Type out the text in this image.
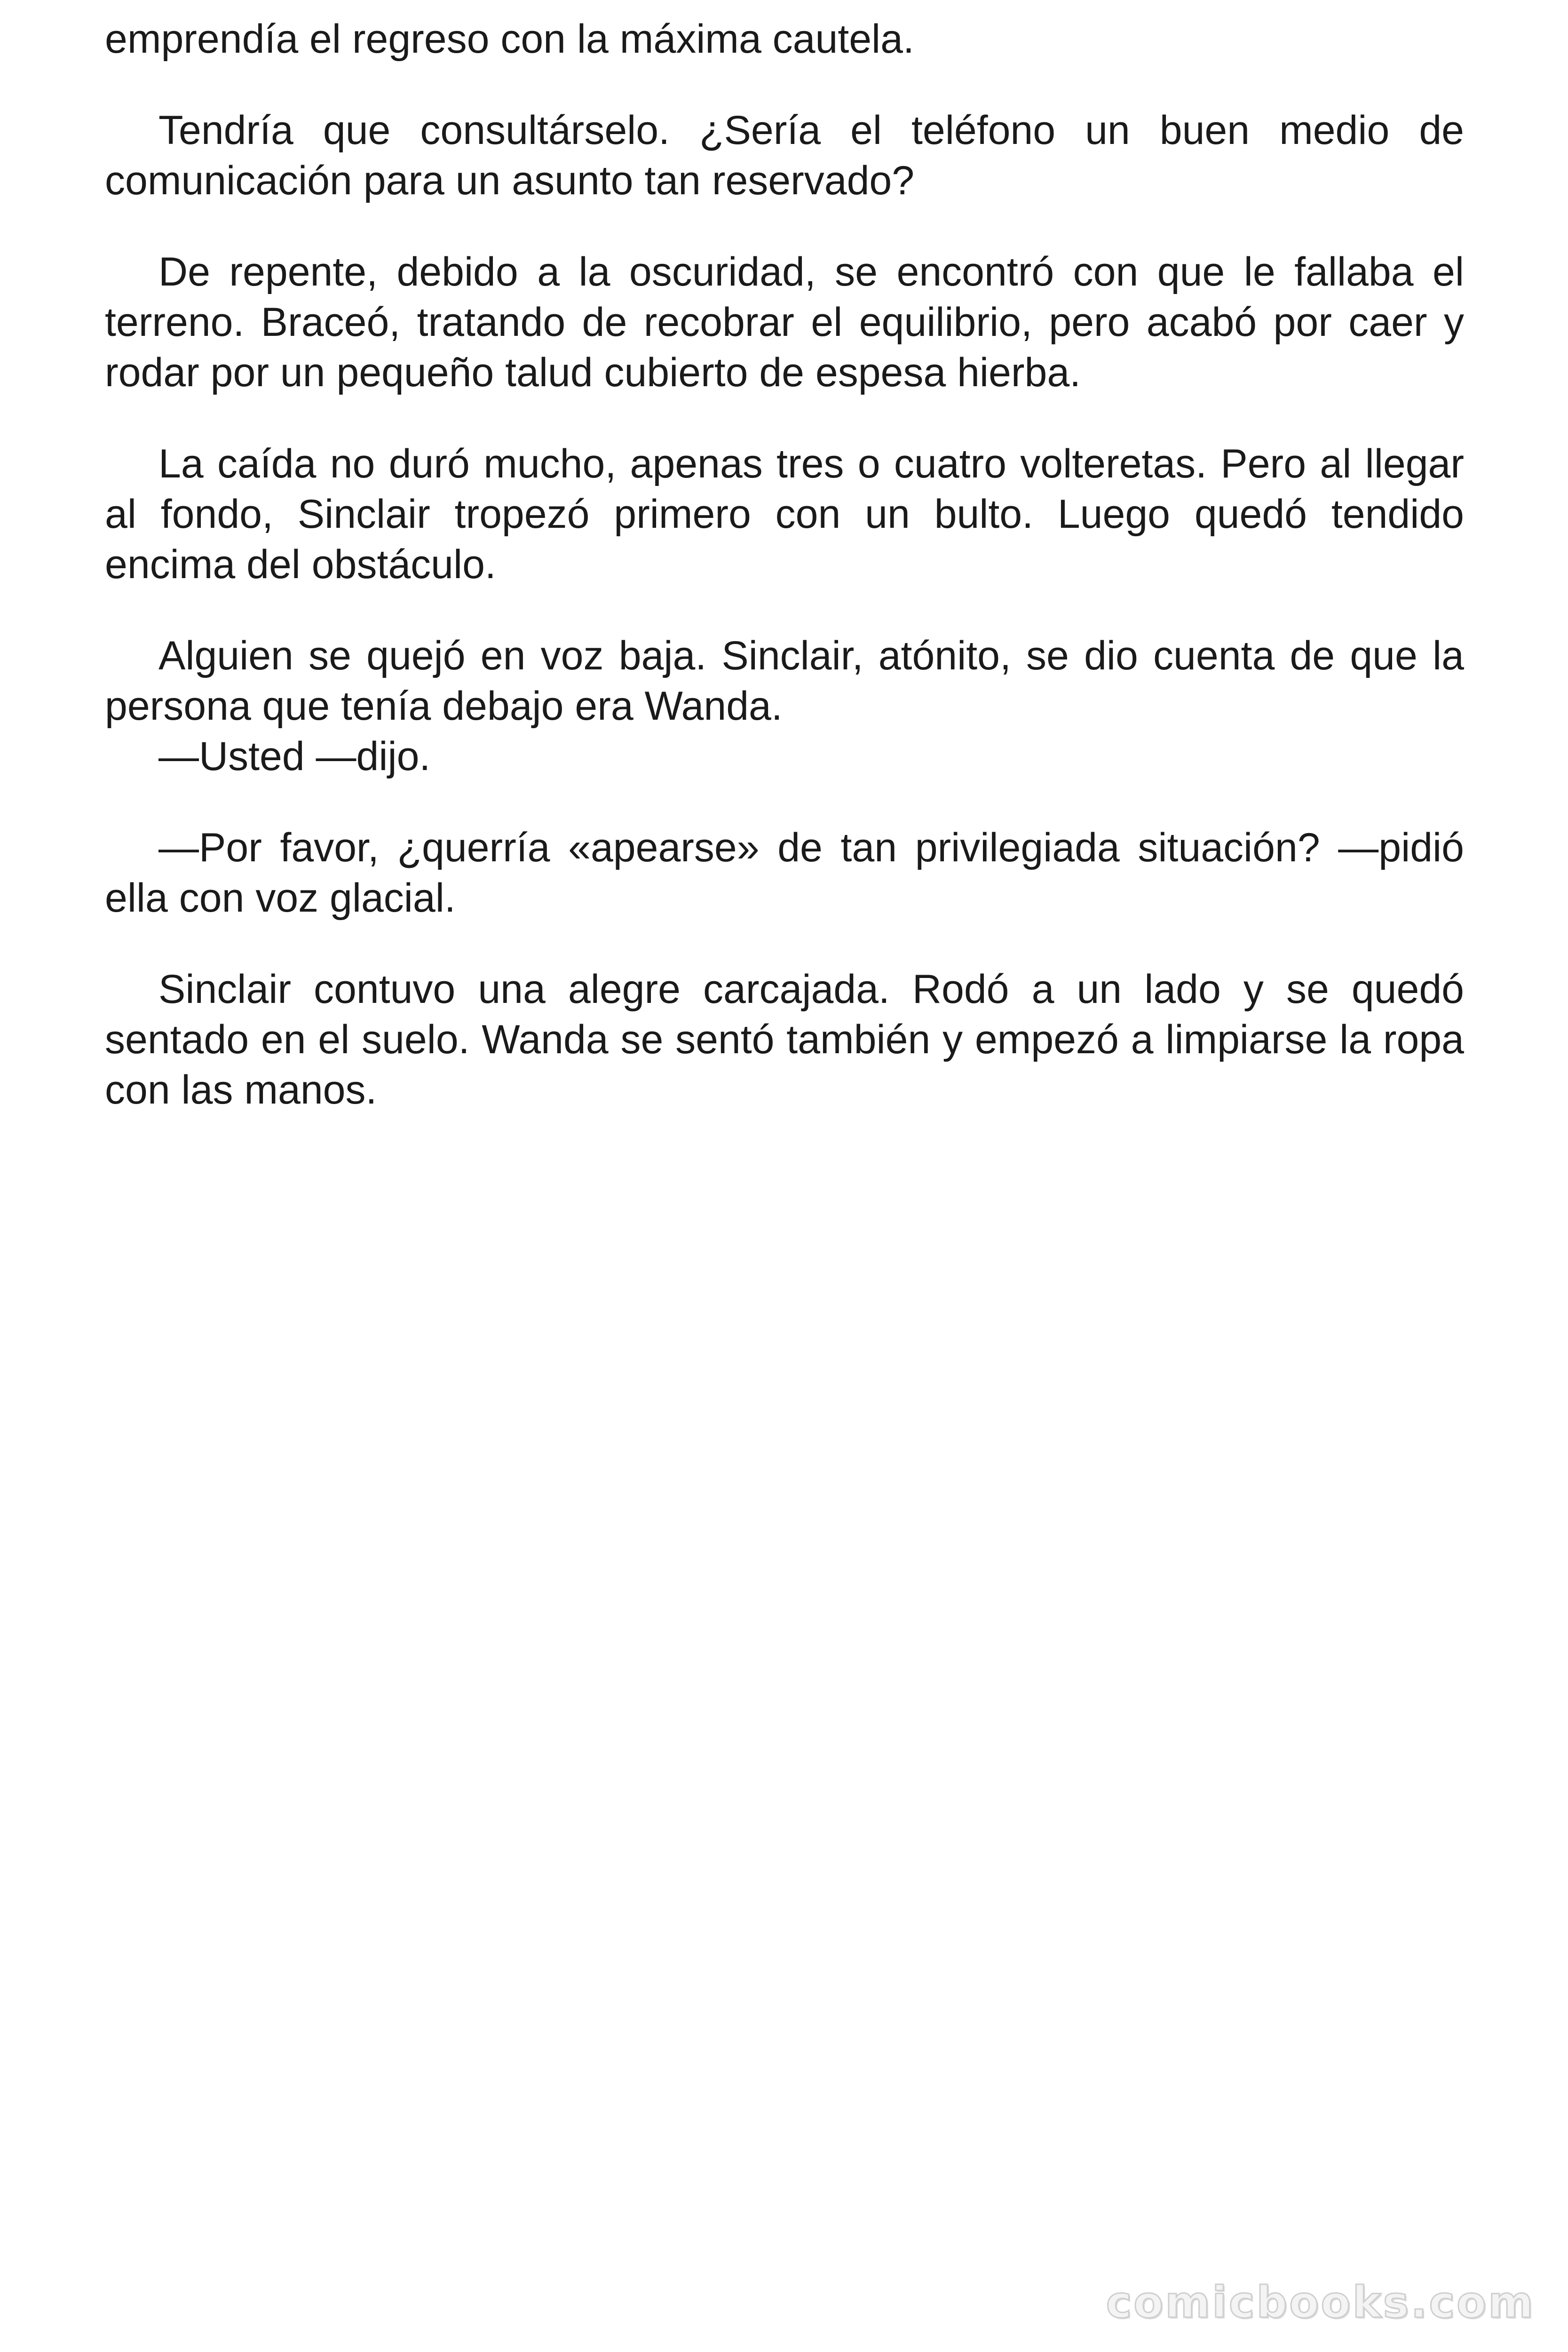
emprendía el regreso con la máxima cautela.

Tendría que consultárselo. ¿Sería el teléfono un buen medio de comunicación para un asunto tan reservado?

De repente, debido a la oscuridad, se encontró con que le fallaba el terreno. Braceó, tratando de recobrar el equilibrio, pero acabó por caer y rodar por un pequeño talud cubierto de espesa hierba.

La caída no duró mucho, apenas tres o cuatro volteretas. Pero al llegar al fondo, Sinclair tropezó primero con un bulto. Luego quedó tendido encima del obstáculo.

Alguien se quejó en voz baja. Sinclair, atónito, se dio cuenta de que la persona que tenía debajo era Wanda.
—Usted —dijo.

—Por favor, ¿querría «apearse» de tan privilegiada situación? —pidió ella con voz glacial.

Sinclair contuvo una alegre carcajada. Rodó a un lado y se quedó sentado en el suelo. Wanda se sentó también y empezó a limpiarse la ropa con las manos.

comicbooks.com
